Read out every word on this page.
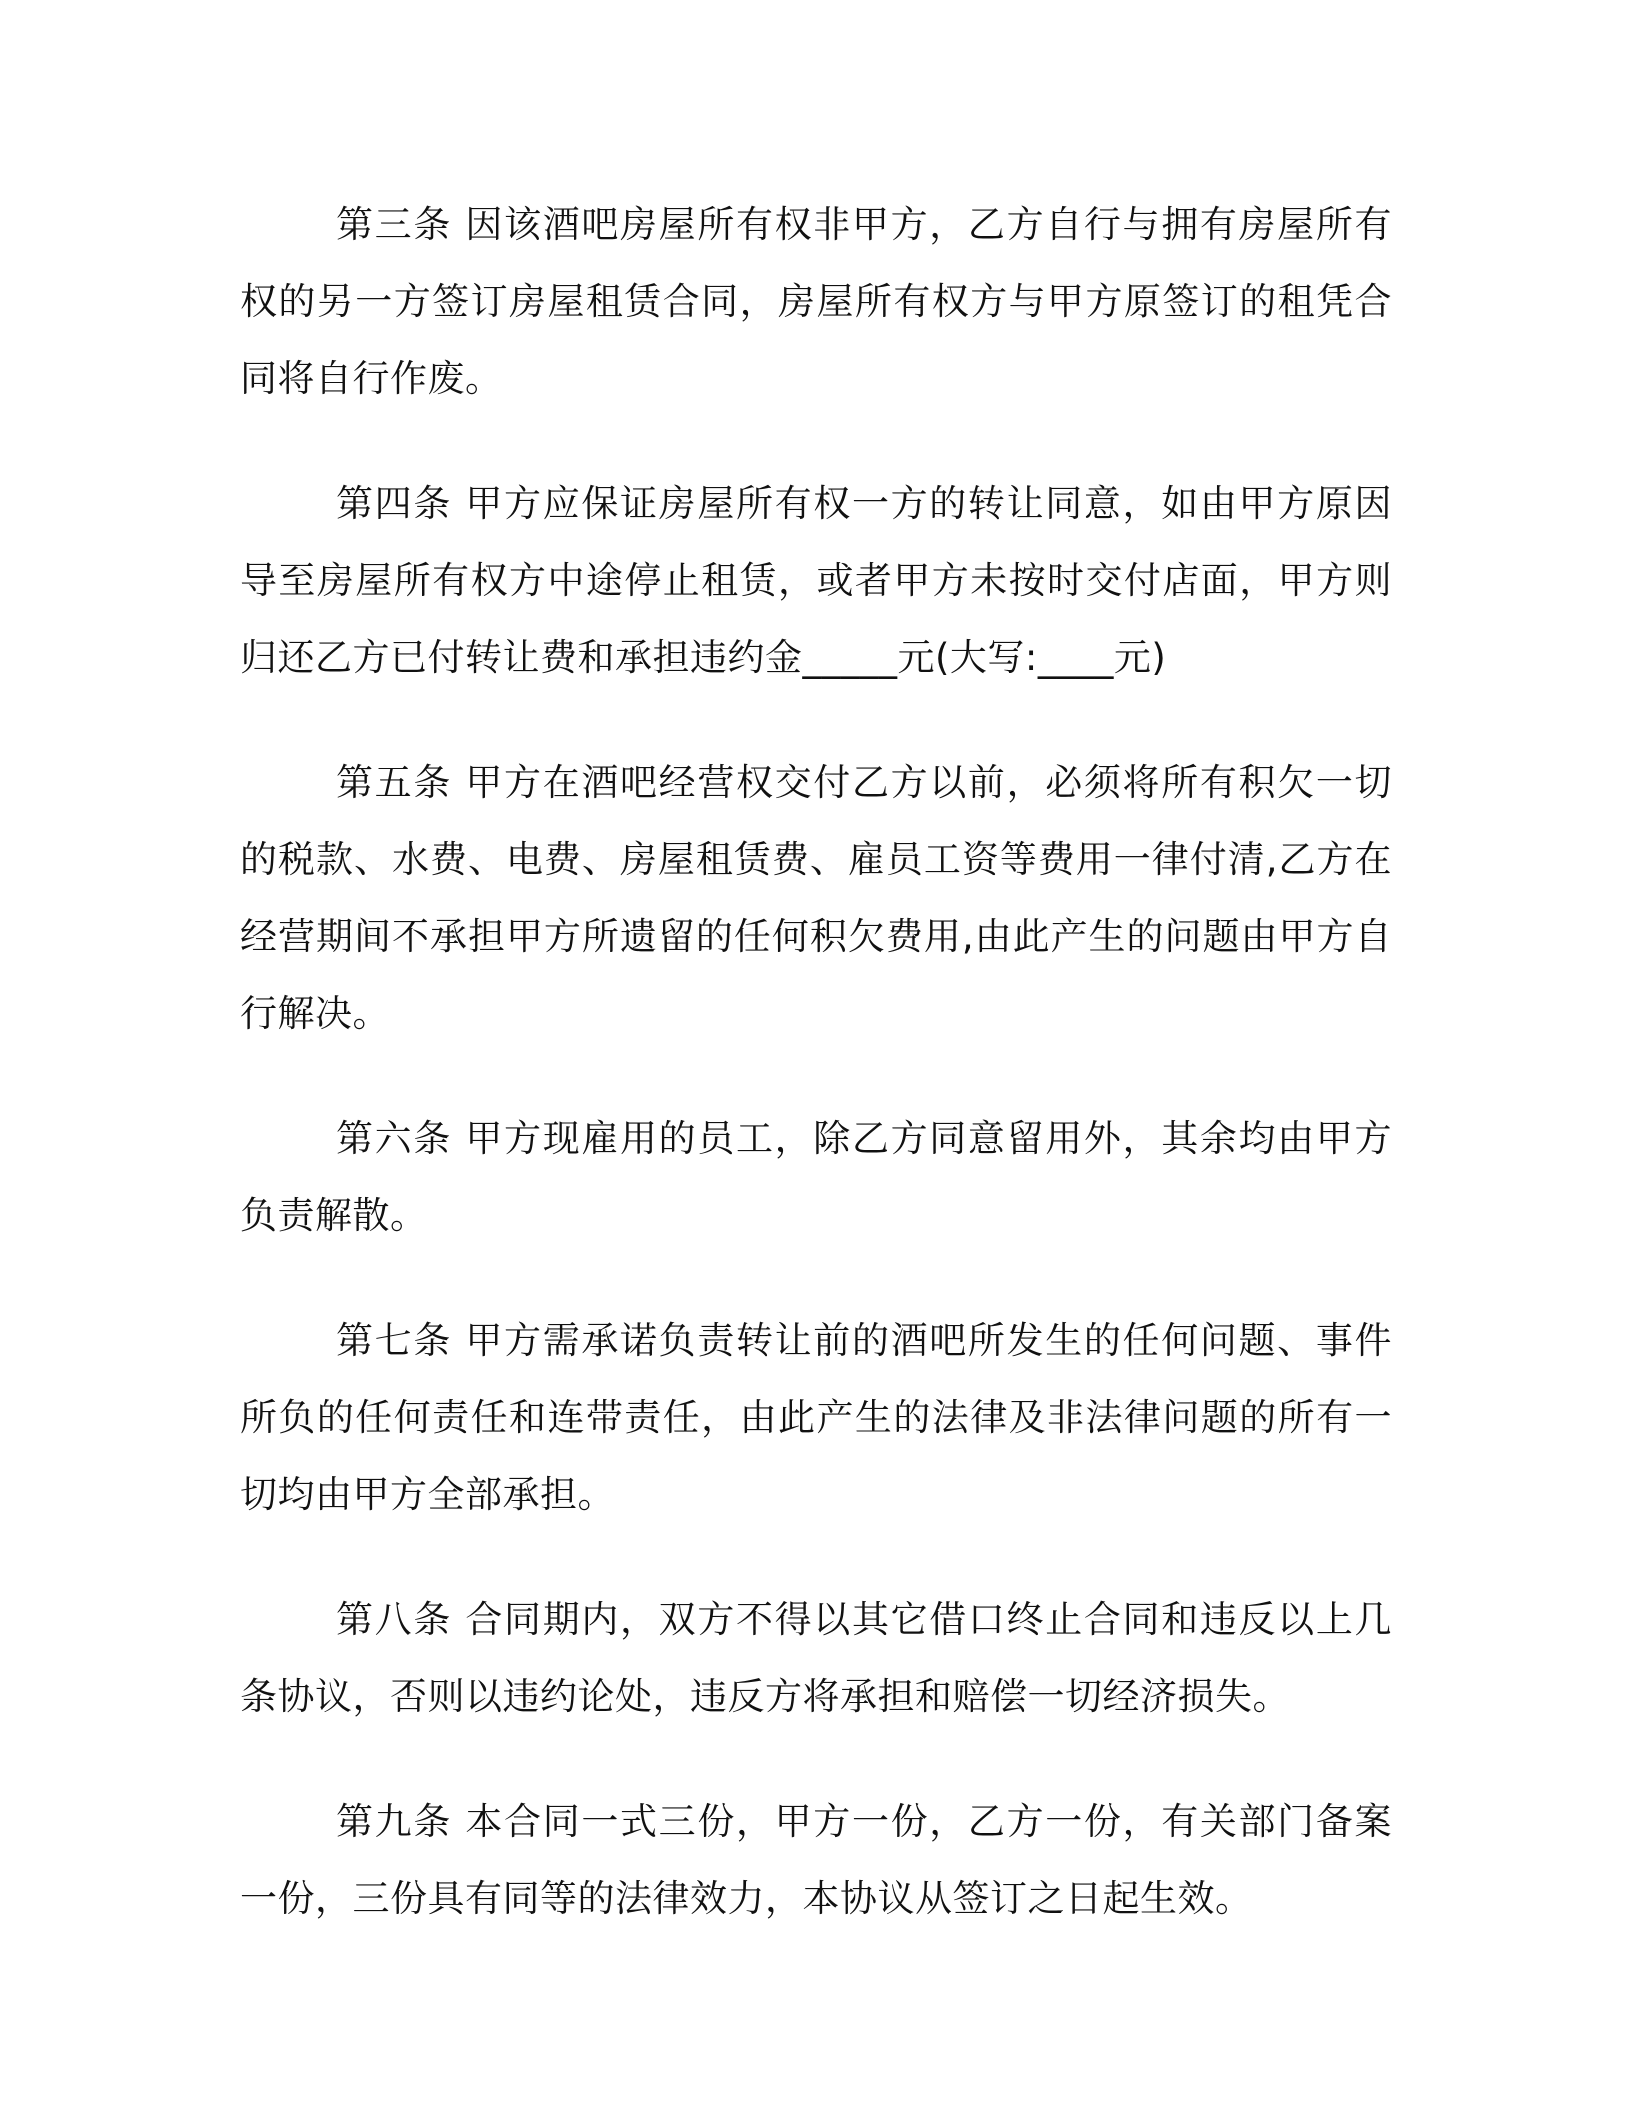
第三条 因该酒吧房屋所有权非甲方，乙方自行与拥有房屋所有权的另一方签订房屋租赁合同，房屋所有权方与甲方原签订的租凭合同将自行作废。

第四条 甲方应保证房屋所有权一方的转让同意，如由甲方原因导至房屋所有权方中途停止租赁，或者甲方未按时交付店面，甲方则归还乙方已付转让费和承担违约金_____元(大写:____元)

第五条 甲方在酒吧经营权交付乙方以前，必须将所有积欠一切的税款、水费、电费、房屋租赁费、雇员工资等费用一律付清,乙方在经营期间不承担甲方所遗留的任何积欠费用,由此产生的问题由甲方自行解决。

第六条 甲方现雇用的员工，除乙方同意留用外，其余均由甲方负责解散。

第七条 甲方需承诺负责转让前的酒吧所发生的任何问题、事件所负的任何责任和连带责任，由此产生的法律及非法律问题的所有一切均由甲方全部承担。

第八条 合同期内，双方不得以其它借口终止合同和违反以上几条协议，否则以违约论处，违反方将承担和赔偿一切经济损失。

第九条 本合同一式三份，甲方一份，乙方一份，有关部门备案一份，三份具有同等的法律效力，本协议从签订之日起生效。
